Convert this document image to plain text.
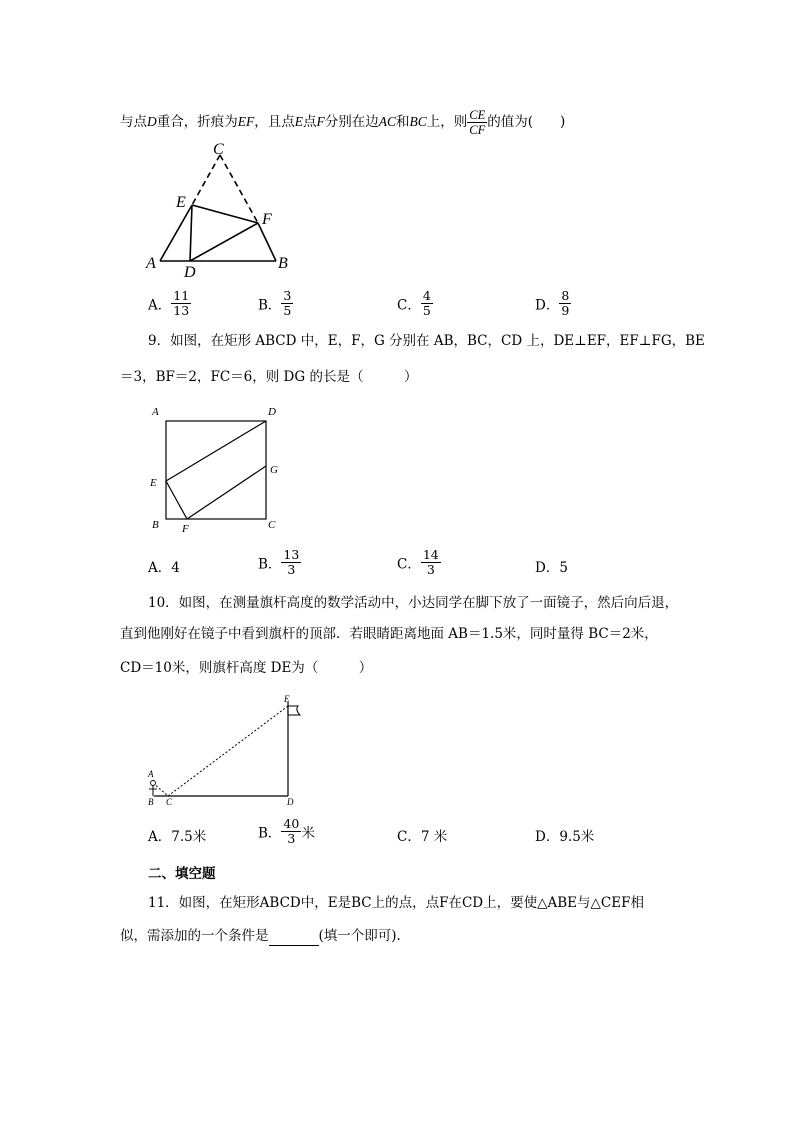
与点D重合，折痕为EF，且点E点F分别在边AC和BC上，则 $\frac{CE}{CF}$ 的值为(　　)
C
E
F
A
D
B
A． $\frac{11}{13}$	B． $\frac{3}{5}$	C． $\frac{4}{5}$	D． $\frac{8}{9}$
9．如图，在矩形 ABCD 中，E，F，G 分别在 AB，BC，CD 上，DE⊥EF，EF⊥FG，BE
＝3，BF＝2，FC＝6，则 DG 的长是（　　　）
A	D
E
G
B F	C
A．4	B． $\frac{13}{3}$	C． $\frac{14}{3}$	D．5
10．如图，在测量旗杆高度的数学活动中，小达同学在脚下放了一面镜子，然后向后退，
直到他刚好在镜子中看到旗杆的顶部．若眼睛距离地面 AB＝1.5米，同时量得 BC＝2米，
CD＝10米，则旗杆高度 DE为（　　　）
E
A
B C	D
A．7.5米	B． $\frac{40}{3}$ 米	C．7 米	D．9.5米
二、填空题
11．如图，在矩形ABCD中，E是BC上的点，点F在CD上，要使△ABE与△CEF相
似，需添加的一个条件是	(填一个即可).
